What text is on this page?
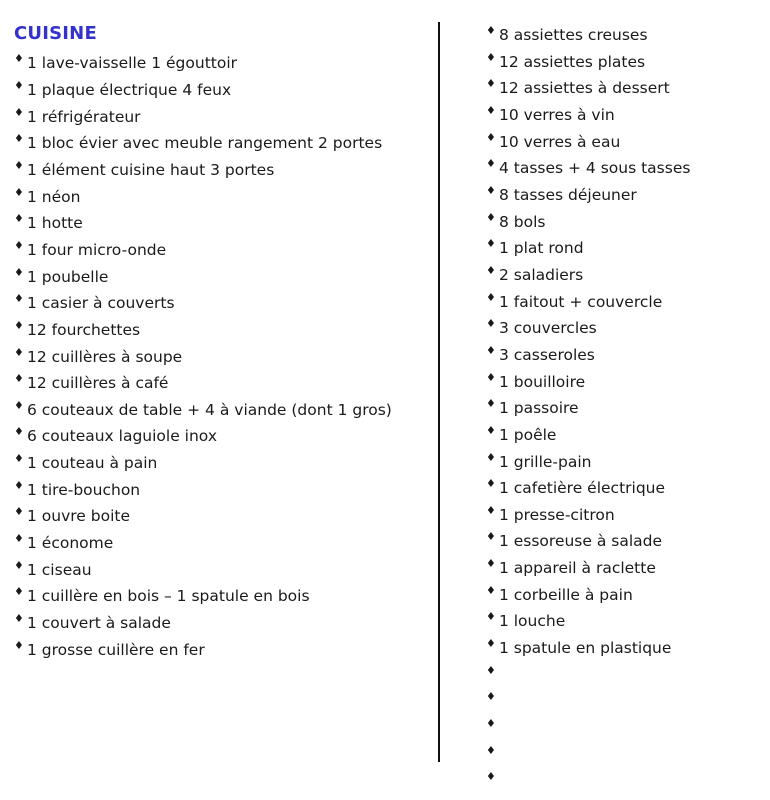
CUISINE
♦ 1 lave-vaisselle 1 égouttoir
♦ 1 plaque électrique 4 feux
♦ 1 réfrigérateur
♦ 1 bloc évier avec meuble rangement 2 portes
♦ 1 élément cuisine haut 3 portes
♦ 1 néon
♦ 1 hotte
♦ 1 four micro-onde
♦ 1 poubelle
♦ 1 casier à couverts
♦ 12 fourchettes
♦ 12 cuillères à soupe
♦ 12 cuillères à café
♦ 6 couteaux de table + 4 à viande (dont 1 gros)
♦ 6 couteaux laguiole inox
♦ 1 couteau à pain
♦ 1 tire-bouchon
♦ 1 ouvre boite
♦ 1 économe
♦ 1 ciseau
♦ 1 cuillère en bois – 1 spatule en bois
♦ 1 couvert à salade
♦ 1 grosse cuillère en fer
♦ 8 assiettes creuses
♦ 12 assiettes plates
♦ 12 assiettes à dessert
♦ 10 verres à vin
♦ 10 verres à eau
♦ 4 tasses + 4 sous tasses
♦ 8 tasses déjeuner
♦ 8 bols
♦ 1 plat rond
♦ 2 saladiers
♦ 1 faitout + couvercle
♦ 3 couvercles
♦ 3 casseroles
♦ 1 bouilloire
♦ 1 passoire
♦ 1 poêle
♦ 1 grille-pain
♦ 1 cafetière électrique
♦ 1 presse-citron
♦ 1 essoreuse à salade
♦ 1 appareil à raclette
♦ 1 corbeille à pain
♦ 1 louche
♦ 1 spatule en plastique
♦
♦
♦
♦
♦
